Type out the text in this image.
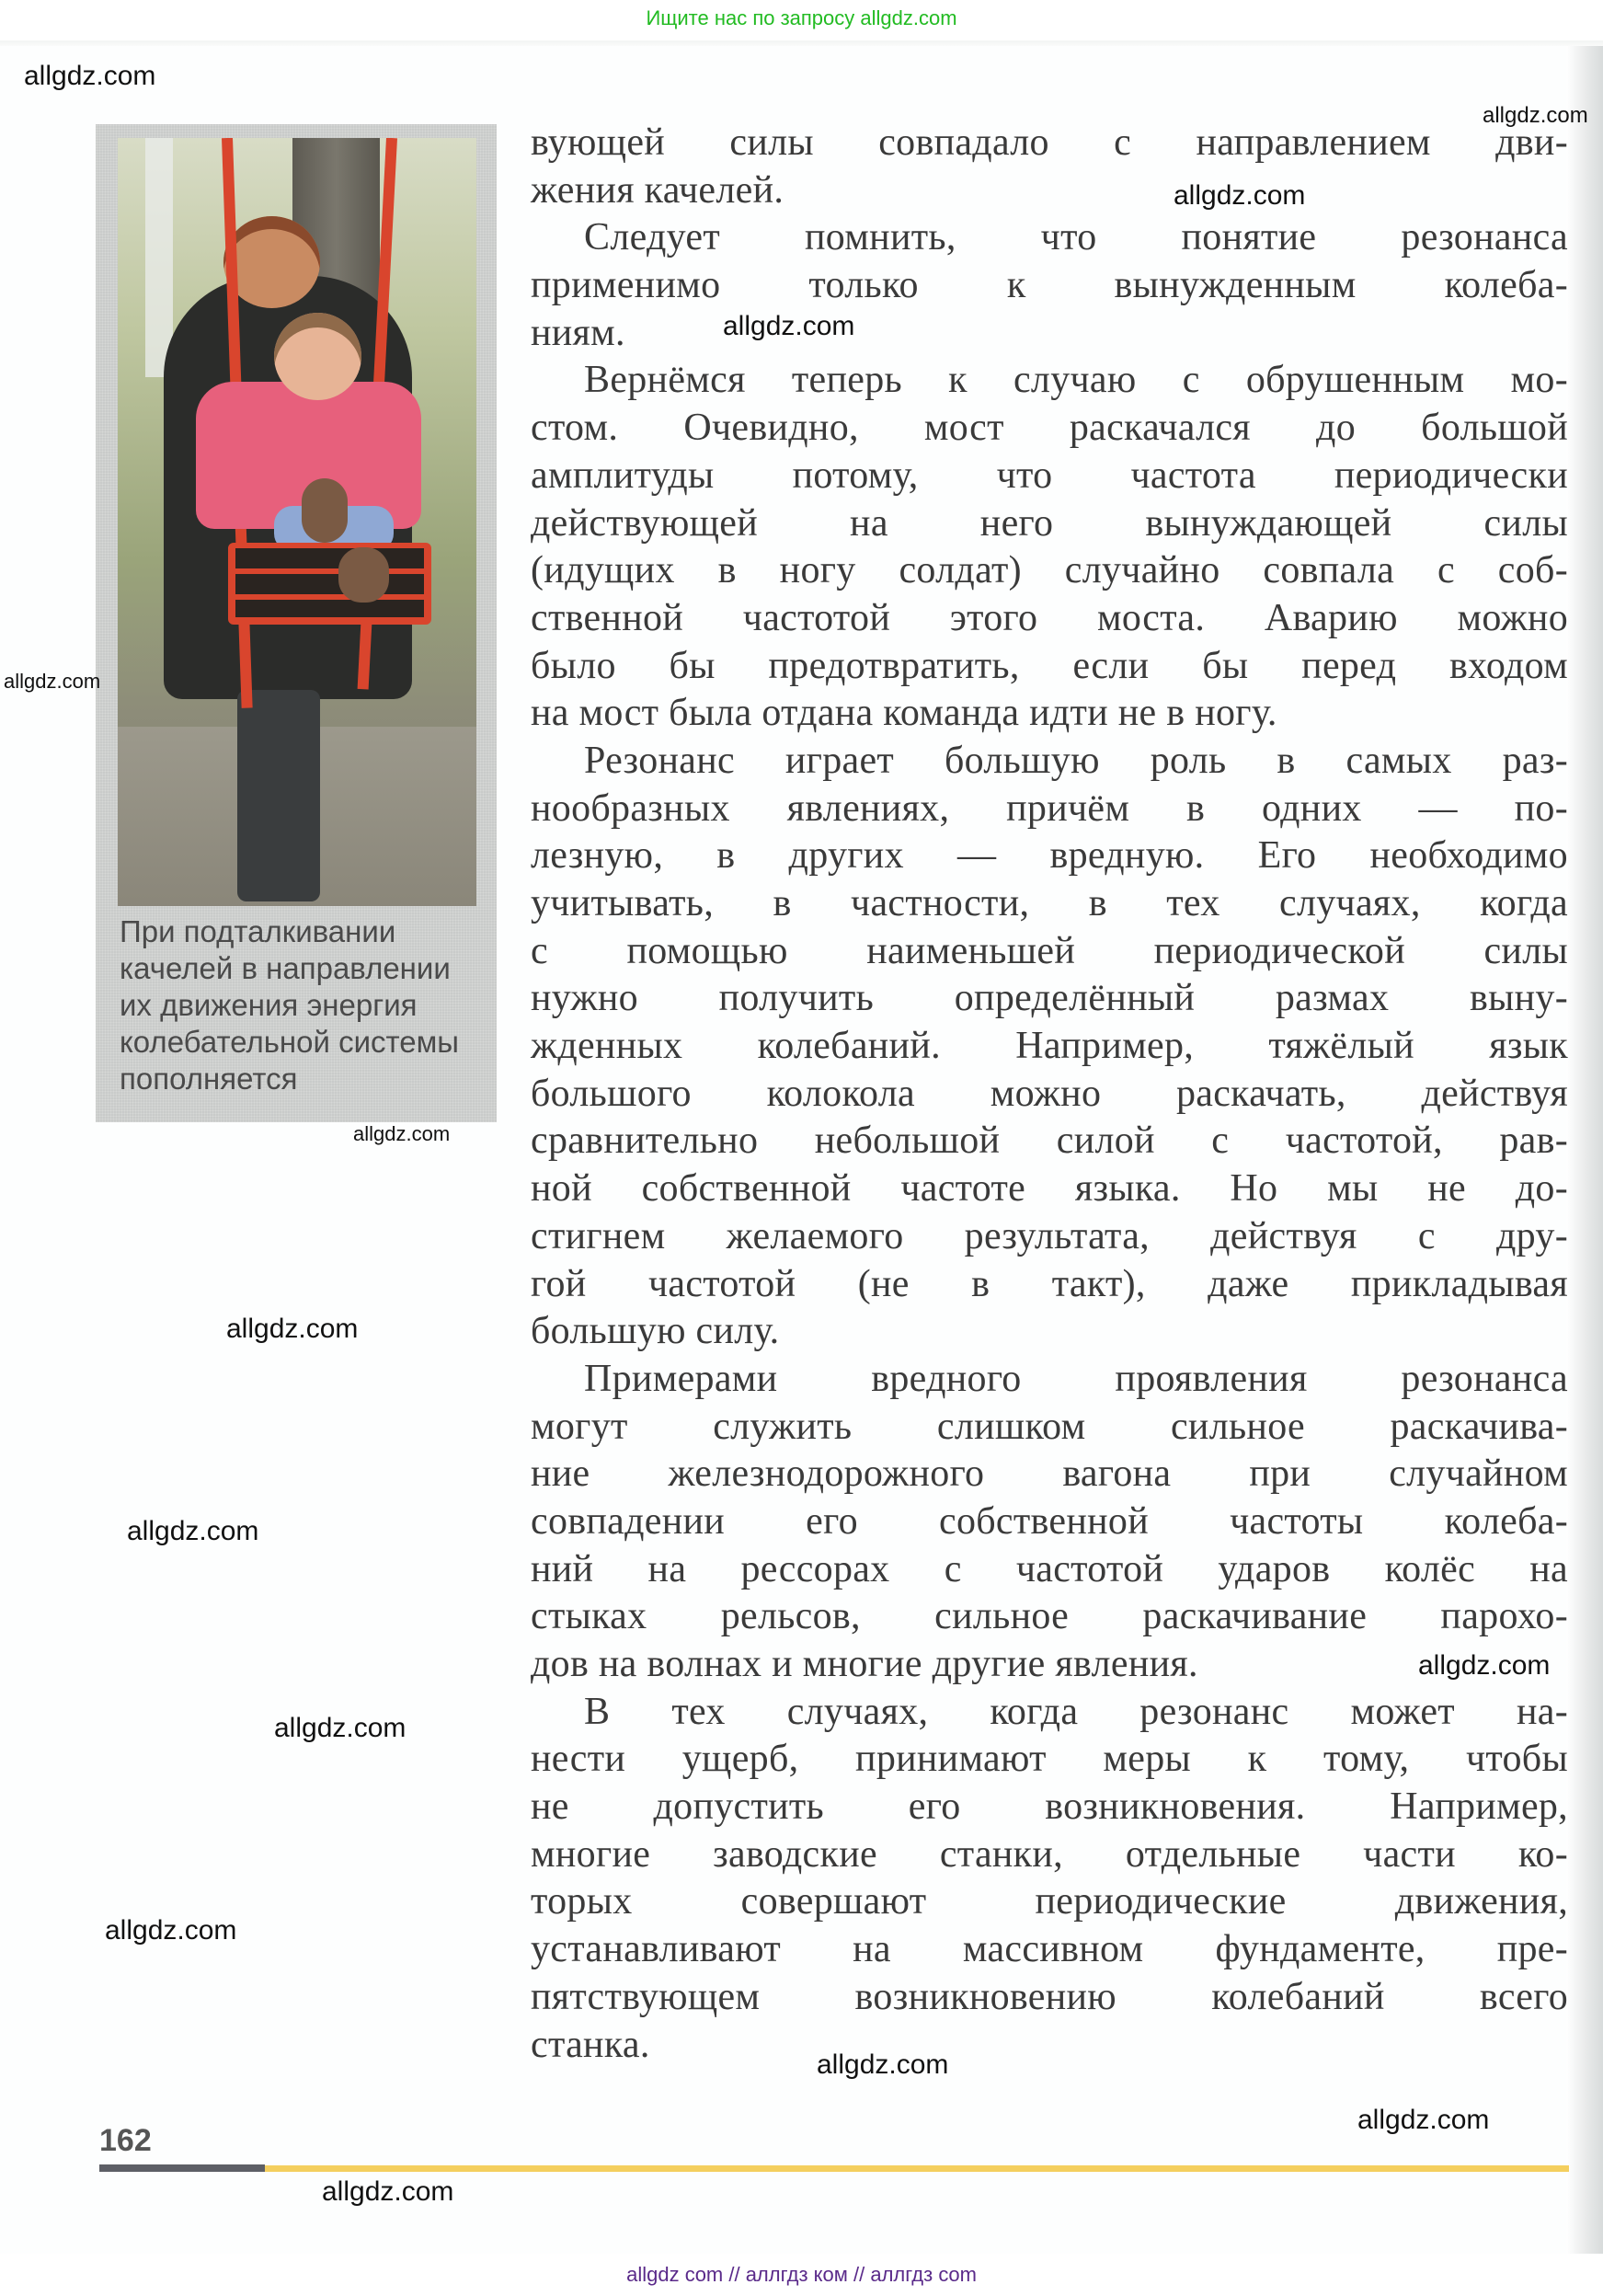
Ищите нас по запросу allgdz.com
При подталкивании
качелей в направлении
их движения энергия
колебательной системы
пополняется
вующей силы совпадало с направлением дви-
жения качелей.
Следует помнить, что понятие резонанса
применимо только к вынужденным колеба-
ниям.
Вернёмся теперь к случаю с обрушенным мо-
стом. Очевидно, мост раскачался до большой
амплитуды потому, что частота периодически
действующей на него вынуждающей силы
(идущих в ногу солдат) случайно совпала с соб-
ственной частотой этого моста. Аварию можно
было бы предотвратить, если бы перед входом
на мост была отдана команда идти не в ногу.
Резонанс играет большую роль в самых раз-
нообразных явлениях, причём в одних — по-
лезную, в других — вредную. Его необходимо
учитывать, в частности, в тех случаях, когда
с помощью наименьшей периодической силы
нужно получить определённый размах выну-
жденных колебаний. Например, тяжёлый язык
большого колокола можно раскачать, действуя
сравнительно небольшой силой с частотой, рав-
ной собственной частоте языка. Но мы не до-
стигнем желаемого результата, действуя с дру-
гой частотой (не в такт), даже прикладывая
большую силу.
Примерами вредного проявления резонанса
могут служить слишком сильное раскачива-
ние железнодорожного вагона при случайном
совпадении его собственной частоты колеба-
ний на рессорах с частотой ударов колёс на
стыках рельсов, сильное раскачивание парохо-
дов на волнах и многие другие явления.
В тех случаях, когда резонанс может на-
нести ущерб, принимают меры к тому, чтобы
не допустить его возникновения. Например,
многие заводские станки, отдельные части ко-
торых совершают периодические движения,
устанавливают на массивном фундаменте, пре-
пятствующем возникновению колебаний всего
станка.
162
allgdz.com
allgdz.com
allgdz.com
allgdz.com
allgdz.com
allgdz.com
allgdz.com
allgdz.com
allgdz.com
allgdz.com
allgdz.com
allgdz.com
allgdz.com
allgdz.com
allgdz com // аллгдз ком // аллгдз com
